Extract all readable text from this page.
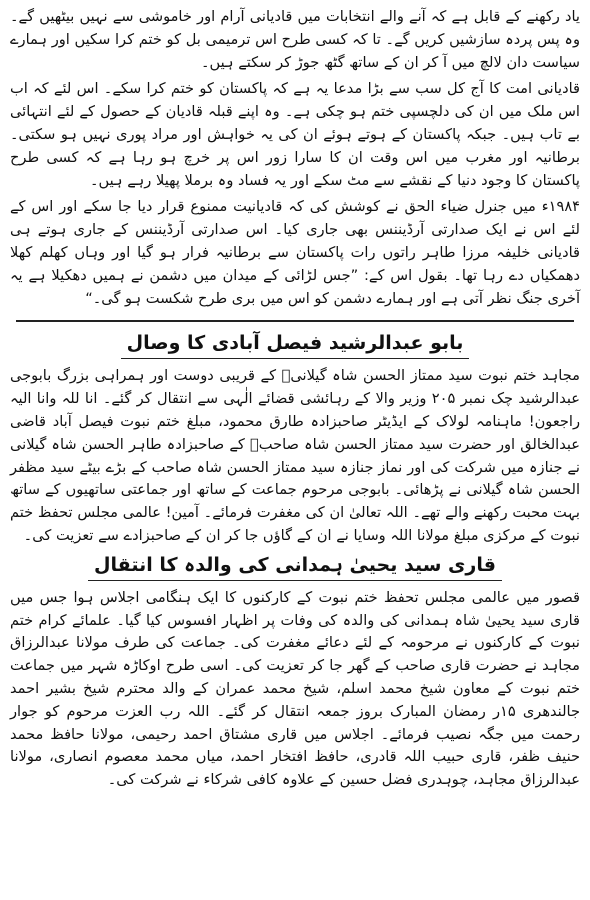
یاد رکھنے کے قابل ہے کہ آنے والے انتخابات میں قادیانی آرام اور خاموشی سے نہیں بیٹھیں گے۔ وہ پس پردہ سازشیں کریں گے۔ تا کہ کسی طرح اس ترمیمی بل کو ختم کرا سکیں اور ہمارے سیاست دان لالچ میں آ کر ان کے ساتھ گٹھ جوڑ کر سکتے ہیں۔

قادیانی امت کا آج کل سب سے بڑا مدعا یہ ہے کہ پاکستان کو ختم کرا سکے۔ اس لئے کہ اب اس ملک میں ان کی دلچسپی ختم ہو چکی ہے۔ وہ اپنے قبلہ قادیان کے حصول کے لئے انتہائی بے تاب ہیں۔ جبکہ پاکستان کے ہوتے ہوئے ان کی یہ خواہش اور مراد پوری نہیں ہو سکتی۔ برطانیہ اور مغرب میں اس وقت ان کا سارا زور اس پر خرچ ہو رہا ہے کہ کسی طرح پاکستان کا وجود دنیا کے نقشے سے مٹ سکے اور یہ فساد وہ برملا پھیلا رہے ہیں۔

۱۹۸۴ء میں جنرل ضیاء الحق نے کوشش کی کہ قادیانیت ممنوع قرار دیا جا سکے اور اس کے لئے اس نے ایک صدارتی آرڈیننس بھی جاری کیا۔ اس صدارتی آرڈیننس کے جاری ہوتے ہی قادیانی خلیفہ مرزا طاہر راتوں رات پاکستان سے برطانیہ فرار ہو گیا اور وہاں کھلم کھلا دھمکیاں دے رہا تھا۔ بقول اس کے: ”جس لڑائی کے میدان میں دشمن نے ہمیں دھکیلا ہے یہ آخری جنگ نظر آتی ہے اور ہمارے دشمن کو اس میں بری طرح شکست ہو گی۔“

بابو عبدالرشید فیصل آبادی کا وصال

مجاہد ختم نبوت سید ممتاز الحسن شاہ گیلانیؒ کے قریبی دوست اور ہمراہی بزرگ بابوجی عبدالرشید چک نمبر ۲۰۵ وزیر والا کے رہائشی قضائے الٰہی سے انتقال کر گئے۔ انا للہ وانا الیہ راجعون! ماہنامہ لولاک کے ایڈیٹر صاحبزادہ طارق محمود، مبلغ ختم نبوت فیصل آباد قاضی عبدالخالق اور حضرت سید ممتاز الحسن شاہ صاحبؒ کے صاحبزادہ طاہر الحسن شاہ گیلانی نے جنازہ میں شرکت کی اور نماز جنازہ سید ممتاز الحسن شاہ صاحب کے بڑے بیٹے سید مظفر الحسن شاہ گیلانی نے پڑھائی۔ بابوجی مرحوم جماعت کے ساتھ اور جماعتی ساتھیوں کے ساتھ بہت محبت رکھنے والے تھے۔ اللہ تعالیٰ ان کی مغفرت فرمائے۔ آمین! عالمی مجلس تحفظ ختم نبوت کے مرکزی مبلغ مولانا اللہ وسایا نے ان کے گاؤں جا کر ان کے صاحبزادے سے تعزیت کی۔

قاری سید یحییٰ ہمدانی کی والدہ کا انتقال

قصور میں عالمی مجلس تحفظ ختم نبوت کے کارکنوں کا ایک ہنگامی اجلاس ہوا جس میں قاری سید یحییٰ شاہ ہمدانی کی والدہ کی وفات پر اظہار افسوس کیا گیا۔ علمائے کرام ختم نبوت کے کارکنوں نے مرحومہ کے لئے دعائے مغفرت کی۔ جماعت کی طرف مولانا عبدالرزاق مجاہد نے حضرت قاری صاحب کے گھر جا کر تعزیت کی۔ اسی طرح اوکاڑہ شہر میں جماعت ختم نبوت کے معاون شیخ محمد اسلم، شیخ محمد عمران کے والد محترم شیخ بشیر احمد جالندھری ۱۵ر رمضان المبارک بروز جمعہ انتقال کر گئے۔ اللہ رب العزت مرحوم کو جوار رحمت میں جگہ نصیب فرمائے۔ اجلاس میں قاری مشتاق احمد رحیمی، مولانا حافظ محمد حنیف ظفر، قاری حبیب اللہ قادری، حافظ افتخار احمد، میاں محمد معصوم انصاری، مولانا عبدالرزاق مجاہد، چوہدری فضل حسین کے علاوہ کافی شرکاء نے شرکت کی۔
